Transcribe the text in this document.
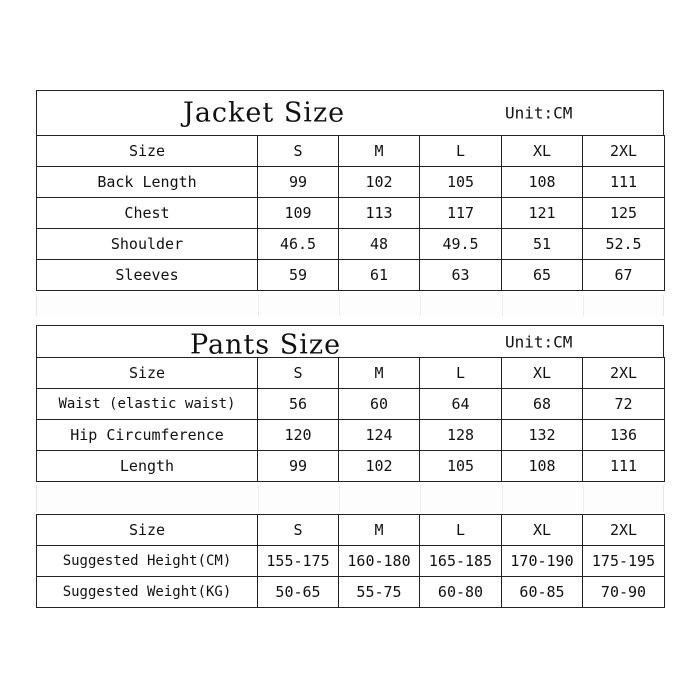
Jacket Size	Unit:CM
Size	S	M	L	XL	2XL
Back Length	99	102	105	108	111
Chest	109	113	117	121	125
Shoulder	46.5	48	49.5	51	52.5
Sleeves	59	61	63	65	67
Pants Size	Unit:CM
Size	S	M	L	XL	2XL
Waist (elastic waist)	56	60	64	68	72
Hip Circumference	120	124	128	132	136
Length	99	102	105	108	111
Size	S	M	L	XL	2XL
Suggested Height(CM)	155-175	160-180	165-185	170-190	175-195
Suggested Weight(KG)	50-65	55-75	60-80	60-85	70-90
